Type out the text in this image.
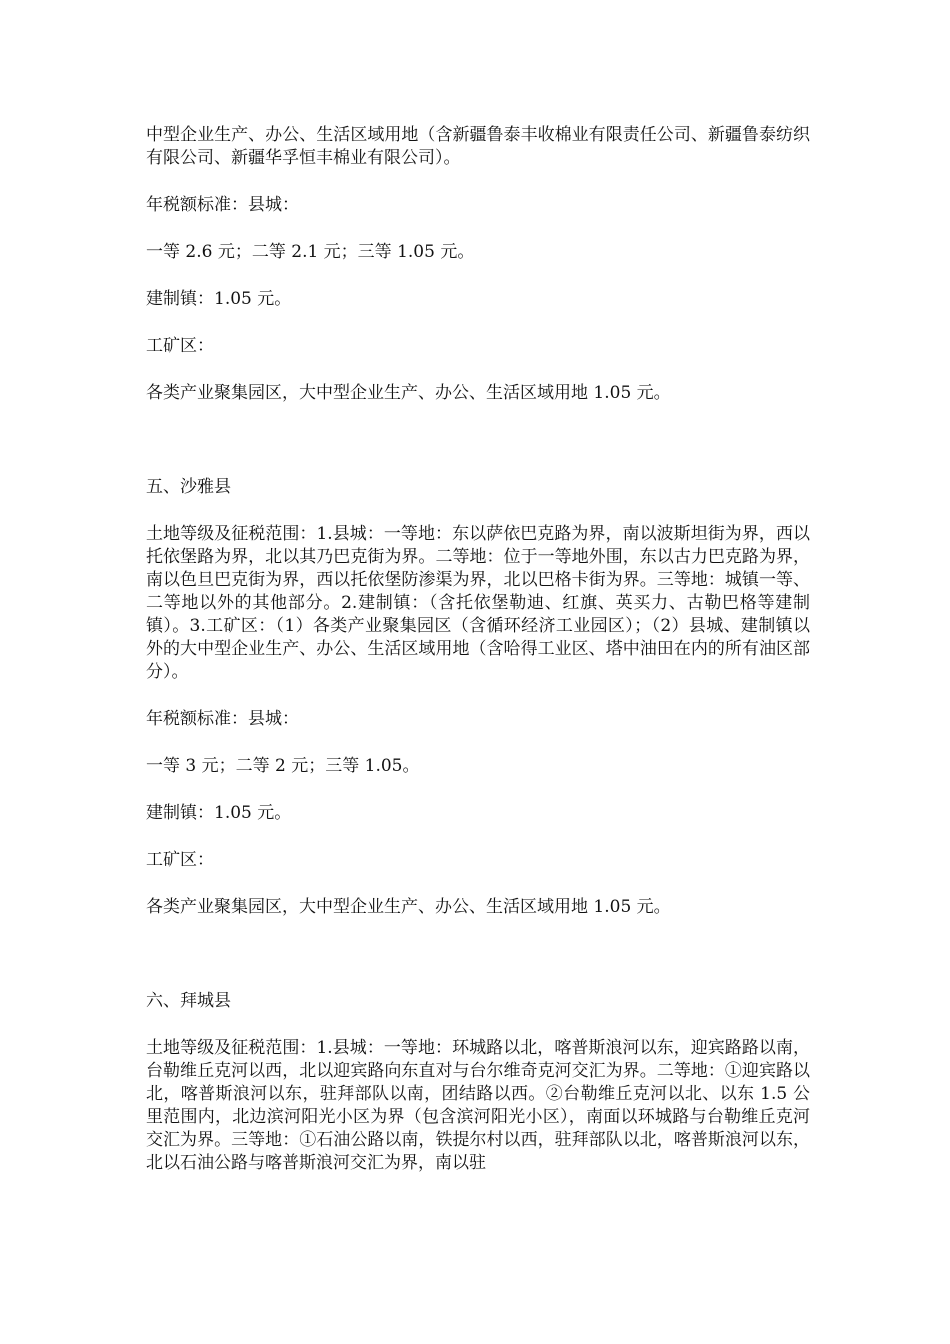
中型企业生产、办公、生活区域用地（含新疆鲁泰丰收棉业有限责任公司、新疆鲁泰纺织有限公司、新疆华孚恒丰棉业有限公司）。

年税额标准：县城：

一等 2.6 元；二等 2.1 元；三等 1.05 元。

建制镇：1.05 元。

工矿区：

各类产业聚集园区，大中型企业生产、办公、生活区域用地 1.05 元。

五、沙雅县

土地等级及征税范围：1.县城：一等地：东以萨依巴克路为界，南以波斯坦街为界，西以托依堡路为界，北以其乃巴克街为界。二等地：位于一等地外围，东以古力巴克路为界，南以色旦巴克街为界，西以托依堡防渗渠为界，北以巴格卡街为界。三等地：城镇一等、二等地以外的其他部分。2.建制镇：（含托依堡勒迪、红旗、英买力、古勒巴格等建制镇）。3.工矿区：（1）各类产业聚集园区（含循环经济工业园区）；（2）县城、建制镇以外的大中型企业生产、办公、生活区域用地（含哈得工业区、塔中油田在内的所有油区部分）。

年税额标准：县城：

一等 3 元；二等 2 元；三等 1.05。

建制镇：1.05 元。

工矿区：

各类产业聚集园区，大中型企业生产、办公、生活区域用地 1.05 元。

六、拜城县

土地等级及征税范围：1.县城：一等地：环城路以北，喀普斯浪河以东，迎宾路路以南，台勒维丘克河以西，北以迎宾路向东直对与台尔维奇克河交汇为界。二等地：①迎宾路以北，喀普斯浪河以东，驻拜部队以南，团结路以西。②台勒维丘克河以北、以东 1.5 公里范围内，北边滨河阳光小区为界（包含滨河阳光小区），南面以环城路与台勒维丘克河交汇为界。三等地：①石油公路以南，铁提尔村以西，驻拜部队以北，喀普斯浪河以东，北以石油公路与喀普斯浪河交汇为界，南以驻
